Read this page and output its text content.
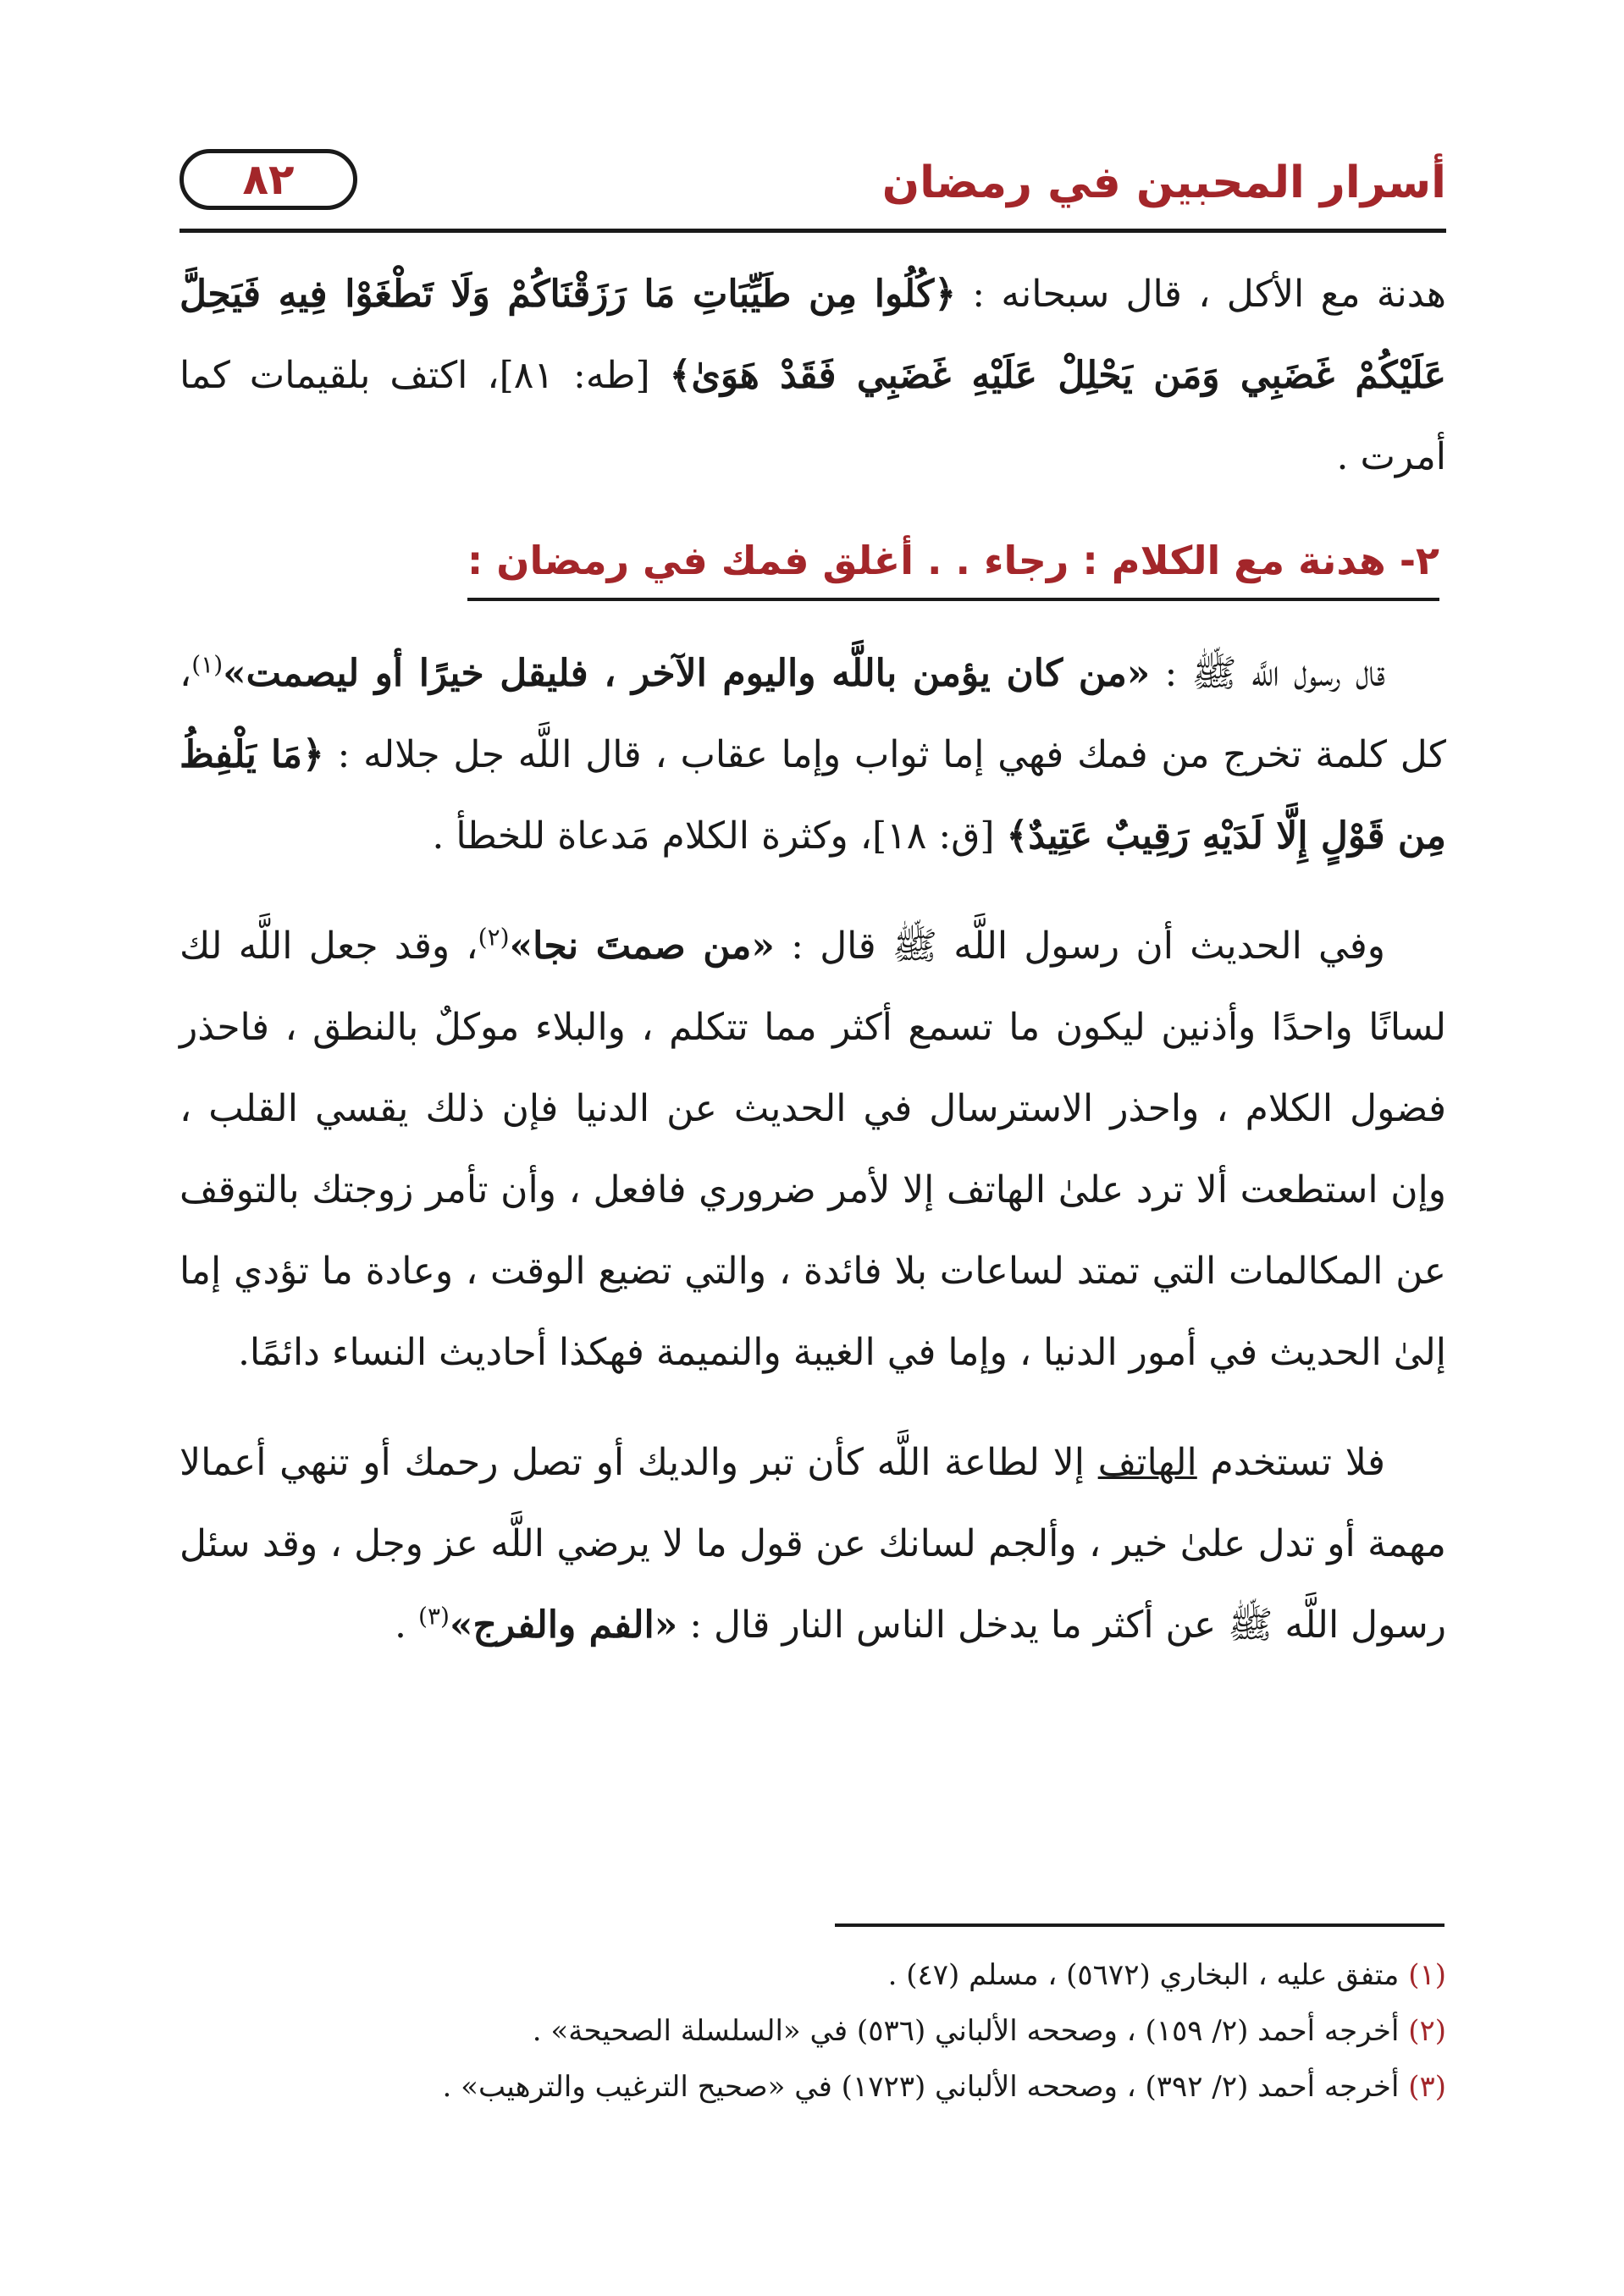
أسرار المحبين في رمضان
٨٢

هدنة مع الأكل ، قال سبحانه : ﴿كُلُوا مِن طَيِّبَاتِ مَا رَزَقْنَاكُمْ وَلَا تَطْغَوْا فِيهِ فَيَحِلَّ عَلَيْكُمْ غَضَبِي وَمَن يَحْلِلْ عَلَيْهِ غَضَبِي فَقَدْ هَوَىٰ﴾ [طه: ٨١]، اكتف بلقيمات كما أمرت .

٢- هدنة مع الكلام : رجاء . . أغلق فمك في رمضان :

قال رسول اللَّه ﷺ : «من كان يؤمن باللَّه واليوم الآخر ، فليقل خيرًا أو ليصمت»$^{(١)}$، كل كلمة تخرج من فمك فهي إما ثواب وإما عقاب ، قال اللَّه جل جلاله : ﴿مَا يَلْفِظُ مِن قَوْلٍ إِلَّا لَدَيْهِ رَقِيبٌ عَتِيدٌ﴾ [ق: ١٨]، وكثرة الكلام مَدعاة للخطأ .

وفي الحديث أن رسول اللَّه ﷺ قال : «من صمتَ نجا»$^{(٢)}$، وقد جعل اللَّه لك لسانًا واحدًا وأذنين ليكون ما تسمع أكثر مما تتكلم ، والبلاء موكلٌ بالنطق ، فاحذر فضول الكلام ، واحذر الاسترسال في الحديث عن الدنيا فإن ذلك يقسي القلب ، وإن استطعت ألا ترد علىٰ الهاتف إلا لأمر ضروري فافعل ، وأن تأمر زوجتك بالتوقف عن المكالمات التي تمتد لساعات بلا فائدة ، والتي تضيع الوقت ، وعادة ما تؤدي إما إلىٰ الحديث في أمور الدنيا ، وإما في الغيبة والنميمة فهكذا أحاديث النساء دائمًا.

فلا تستخدم الهاتف إلا لطاعة اللَّه كأن تبر والديك أو تصل رحمك أو تنهي أعمالا مهمة أو تدل علىٰ خير ، وألجم لسانك عن قول ما لا يرضي اللَّه عز وجل ، وقد سئل رسول اللَّه ﷺ عن أكثر ما يدخل الناس النار قال : «الفم والفرج»$^{(٣)}$ .

(١) متفق عليه ، البخاري (٥٦٧٢) ، مسلم (٤٧) .
(٢) أخرجه أحمد (٢/ ١٥٩) ، وصححه الألباني (٥٣٦) في «السلسلة الصحيحة» .
(٣) أخرجه أحمد (٢/ ٣٩٢) ، وصححه الألباني (١٧٢٣) في «صحيح الترغيب والترهيب» .
